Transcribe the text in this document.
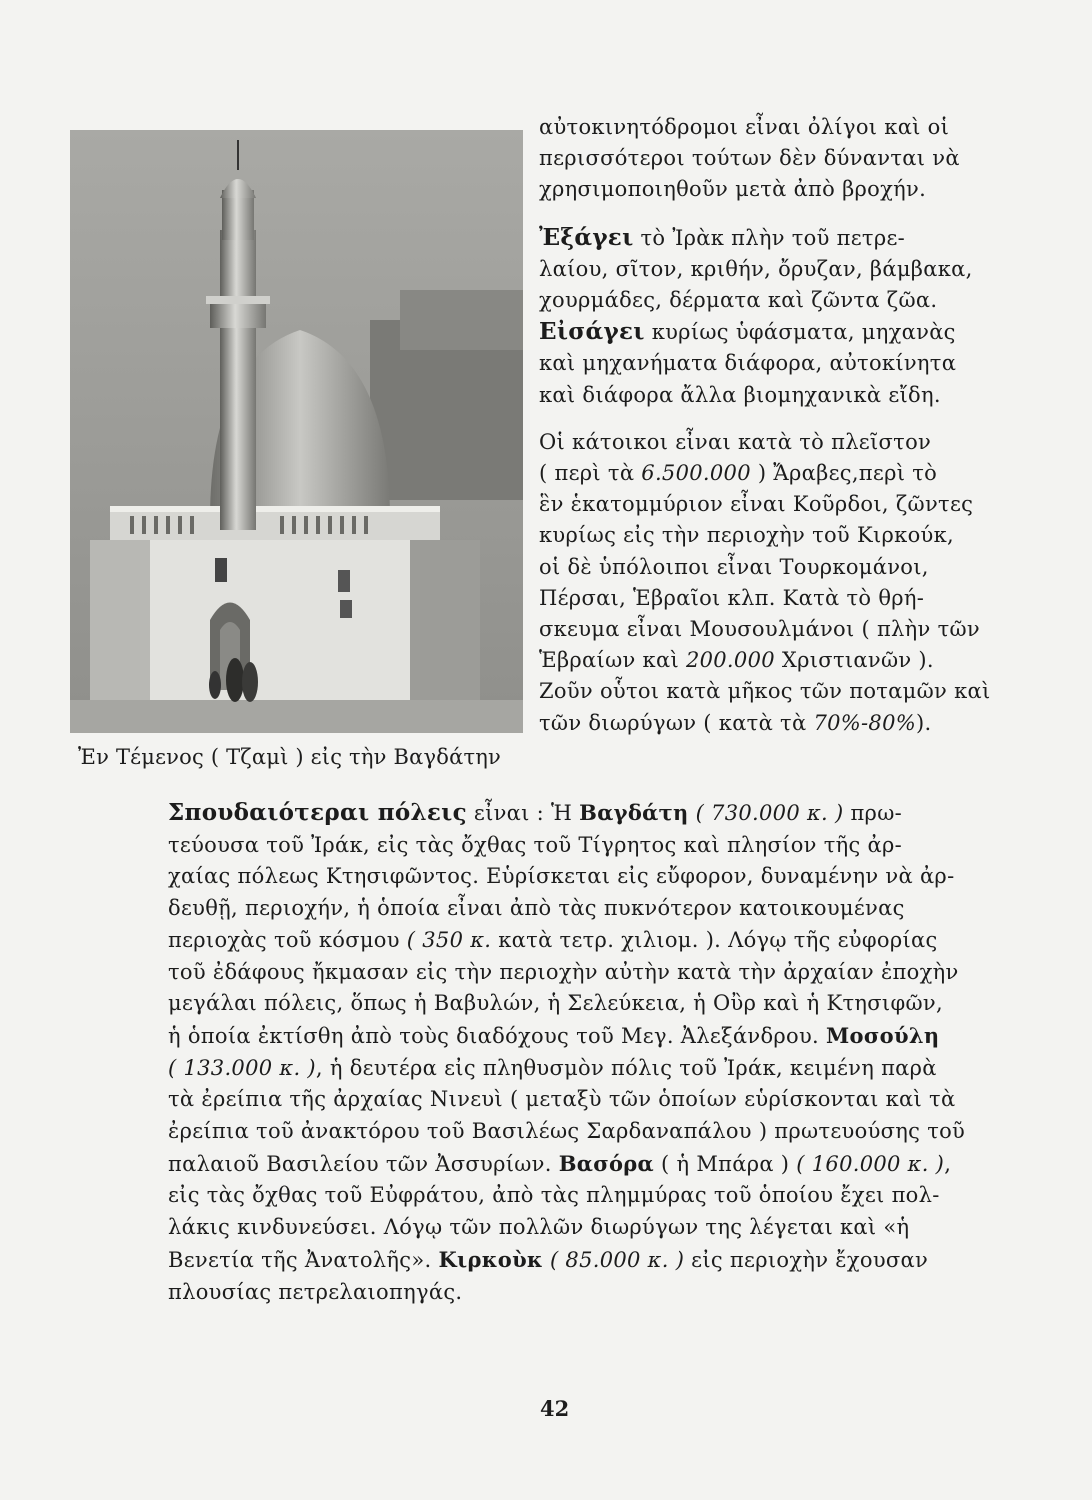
Ἐν Τέμενος ( Τζαμὶ ) εἰς τὴν Βαγδάτην

αὐτοκινητόδρομοι εἶναι ὀλίγοι καὶ οἱ
περισσότεροι τούτων δὲν δύνανται νὰ
χρησιμοποιηθοῦν μετὰ ἀπὸ βροχήν.

Ἐξάγει τὸ Ἰρὰκ πλὴν τοῦ πετρε-
λαίου, σῖτον, κριθήν, ὄρυζαν, βάμβακα,
χουρμάδες, δέρματα καὶ ζῶντα ζῶα.
Εἰσάγει κυρίως ὑφάσματα, μηχανὰς
καὶ μηχανήματα διάφορα, αὐτοκίνητα
καὶ διάφορα ἄλλα βιομηχανικὰ εἴδη.

Οἱ κάτοικοι εἶναι κατὰ τὸ πλεῖστον
( περὶ τὰ 6.500.000 ) Ἄραβες,περὶ τὸ
ἓν ἑκατομμύριον εἶναι Κοῦρδοι, ζῶντες
κυρίως εἰς τὴν περιοχὴν τοῦ Κιρκούκ,
οἱ δὲ ὑπόλοιποι εἶναι Τουρκομάνοι,
Πέρσαι, Ἑβραῖοι κλπ. Κατὰ τὸ θρή-
σκευμα εἶναι Μουσουλμάνοι ( πλὴν τῶν
Ἑβραίων καὶ 200.000 Χριστιανῶν ).
Ζοῦν οὗτοι κατὰ μῆκος τῶν ποταμῶν καὶ
τῶν διωρύγων ( κατὰ τὰ 70%-80%).

Σπουδαιότεραι πόλεις εἶναι : Ἡ Βαγδάτη ( 730.000 κ. ) πρω-
τεύουσα τοῦ Ἰράκ, εἰς τὰς ὄχθας τοῦ Τίγρητος καὶ πλησίον τῆς ἀρ-
χαίας πόλεως Κτησιφῶντος. Εὑρίσκεται εἰς εὔφορον, δυναμένην νὰ ἀρ-
δευθῇ, περιοχήν, ἡ ὁποία εἶναι ἀπὸ τὰς πυκνότερον κατοικουμένας
περιοχὰς τοῦ κόσμου ( 350 κ. κατὰ τετρ. χιλιομ. ). Λόγῳ τῆς εὐφορίας
τοῦ ἐδάφους ἤκμασαν εἰς τὴν περιοχὴν αὐτὴν κατὰ τὴν ἀρχαίαν ἐποχὴν
μεγάλαι πόλεις, ὅπως ἡ Βαβυλών, ἡ Σελεύκεια, ἡ Οὒρ καὶ ἡ Κτησιφῶν,
ἡ ὁποία ἐκτίσθη ἀπὸ τοὺς διαδόχους τοῦ Μεγ. Ἀλεξάνδρου. Μοσούλη
( 133.000 κ. ), ἡ δευτέρα εἰς πληθυσμὸν πόλις τοῦ Ἰράκ, κειμένη παρὰ
τὰ ἐρείπια τῆς ἀρχαίας Νινευὶ ( μεταξὺ τῶν ὁποίων εὑρίσκονται καὶ τὰ
ἐρείπια τοῦ ἀνακτόρου τοῦ Βασιλέως Σαρδαναπάλου ) πρωτευούσης τοῦ
παλαιοῦ Βασιλείου τῶν Ἀσσυρίων. Βασόρα ( ἡ Μπάρα ) ( 160.000 κ. ),
εἰς τὰς ὄχθας τοῦ Εὐφράτου, ἀπὸ τὰς πλημμύρας τοῦ ὁποίου ἔχει πολ-
λάκις κινδυνεύσει. Λόγῳ τῶν πολλῶν διωρύγων της λέγεται καὶ «ἡ
Βενετία τῆς Ἀνατολῆς». Κιρκοὺκ ( 85.000 κ. ) εἰς περιοχὴν ἔχουσαν
πλουσίας πετρελαιοπηγάς.

42
